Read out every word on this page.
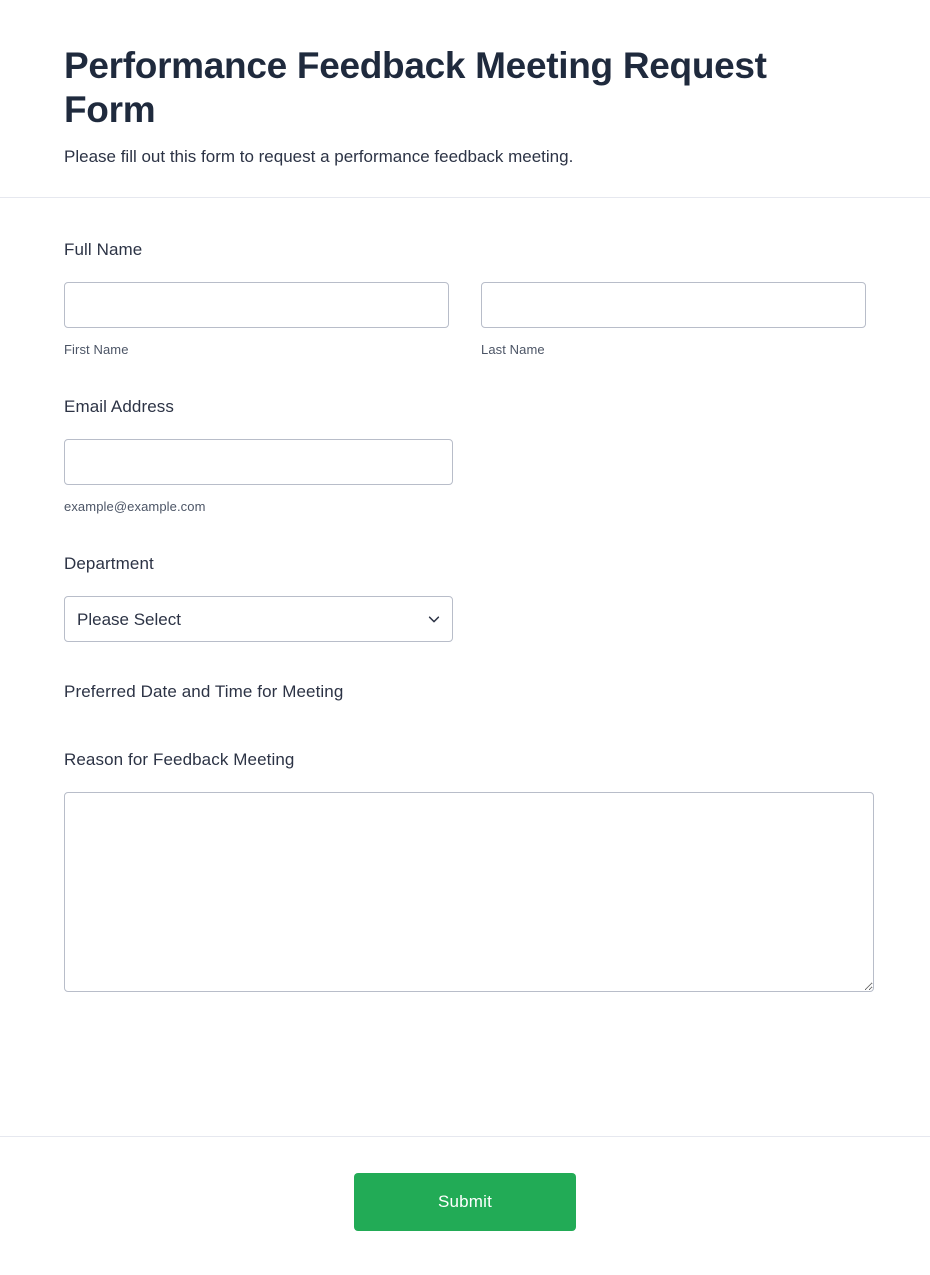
Performance Feedback Meeting Request Form

Please fill out this form to request a performance feedback meeting.

Full Name
First Name	Last Name
Email Address
example@example.com
Department
Please Select
Preferred Date and Time for Meeting
Reason for Feedback Meeting
Submit
